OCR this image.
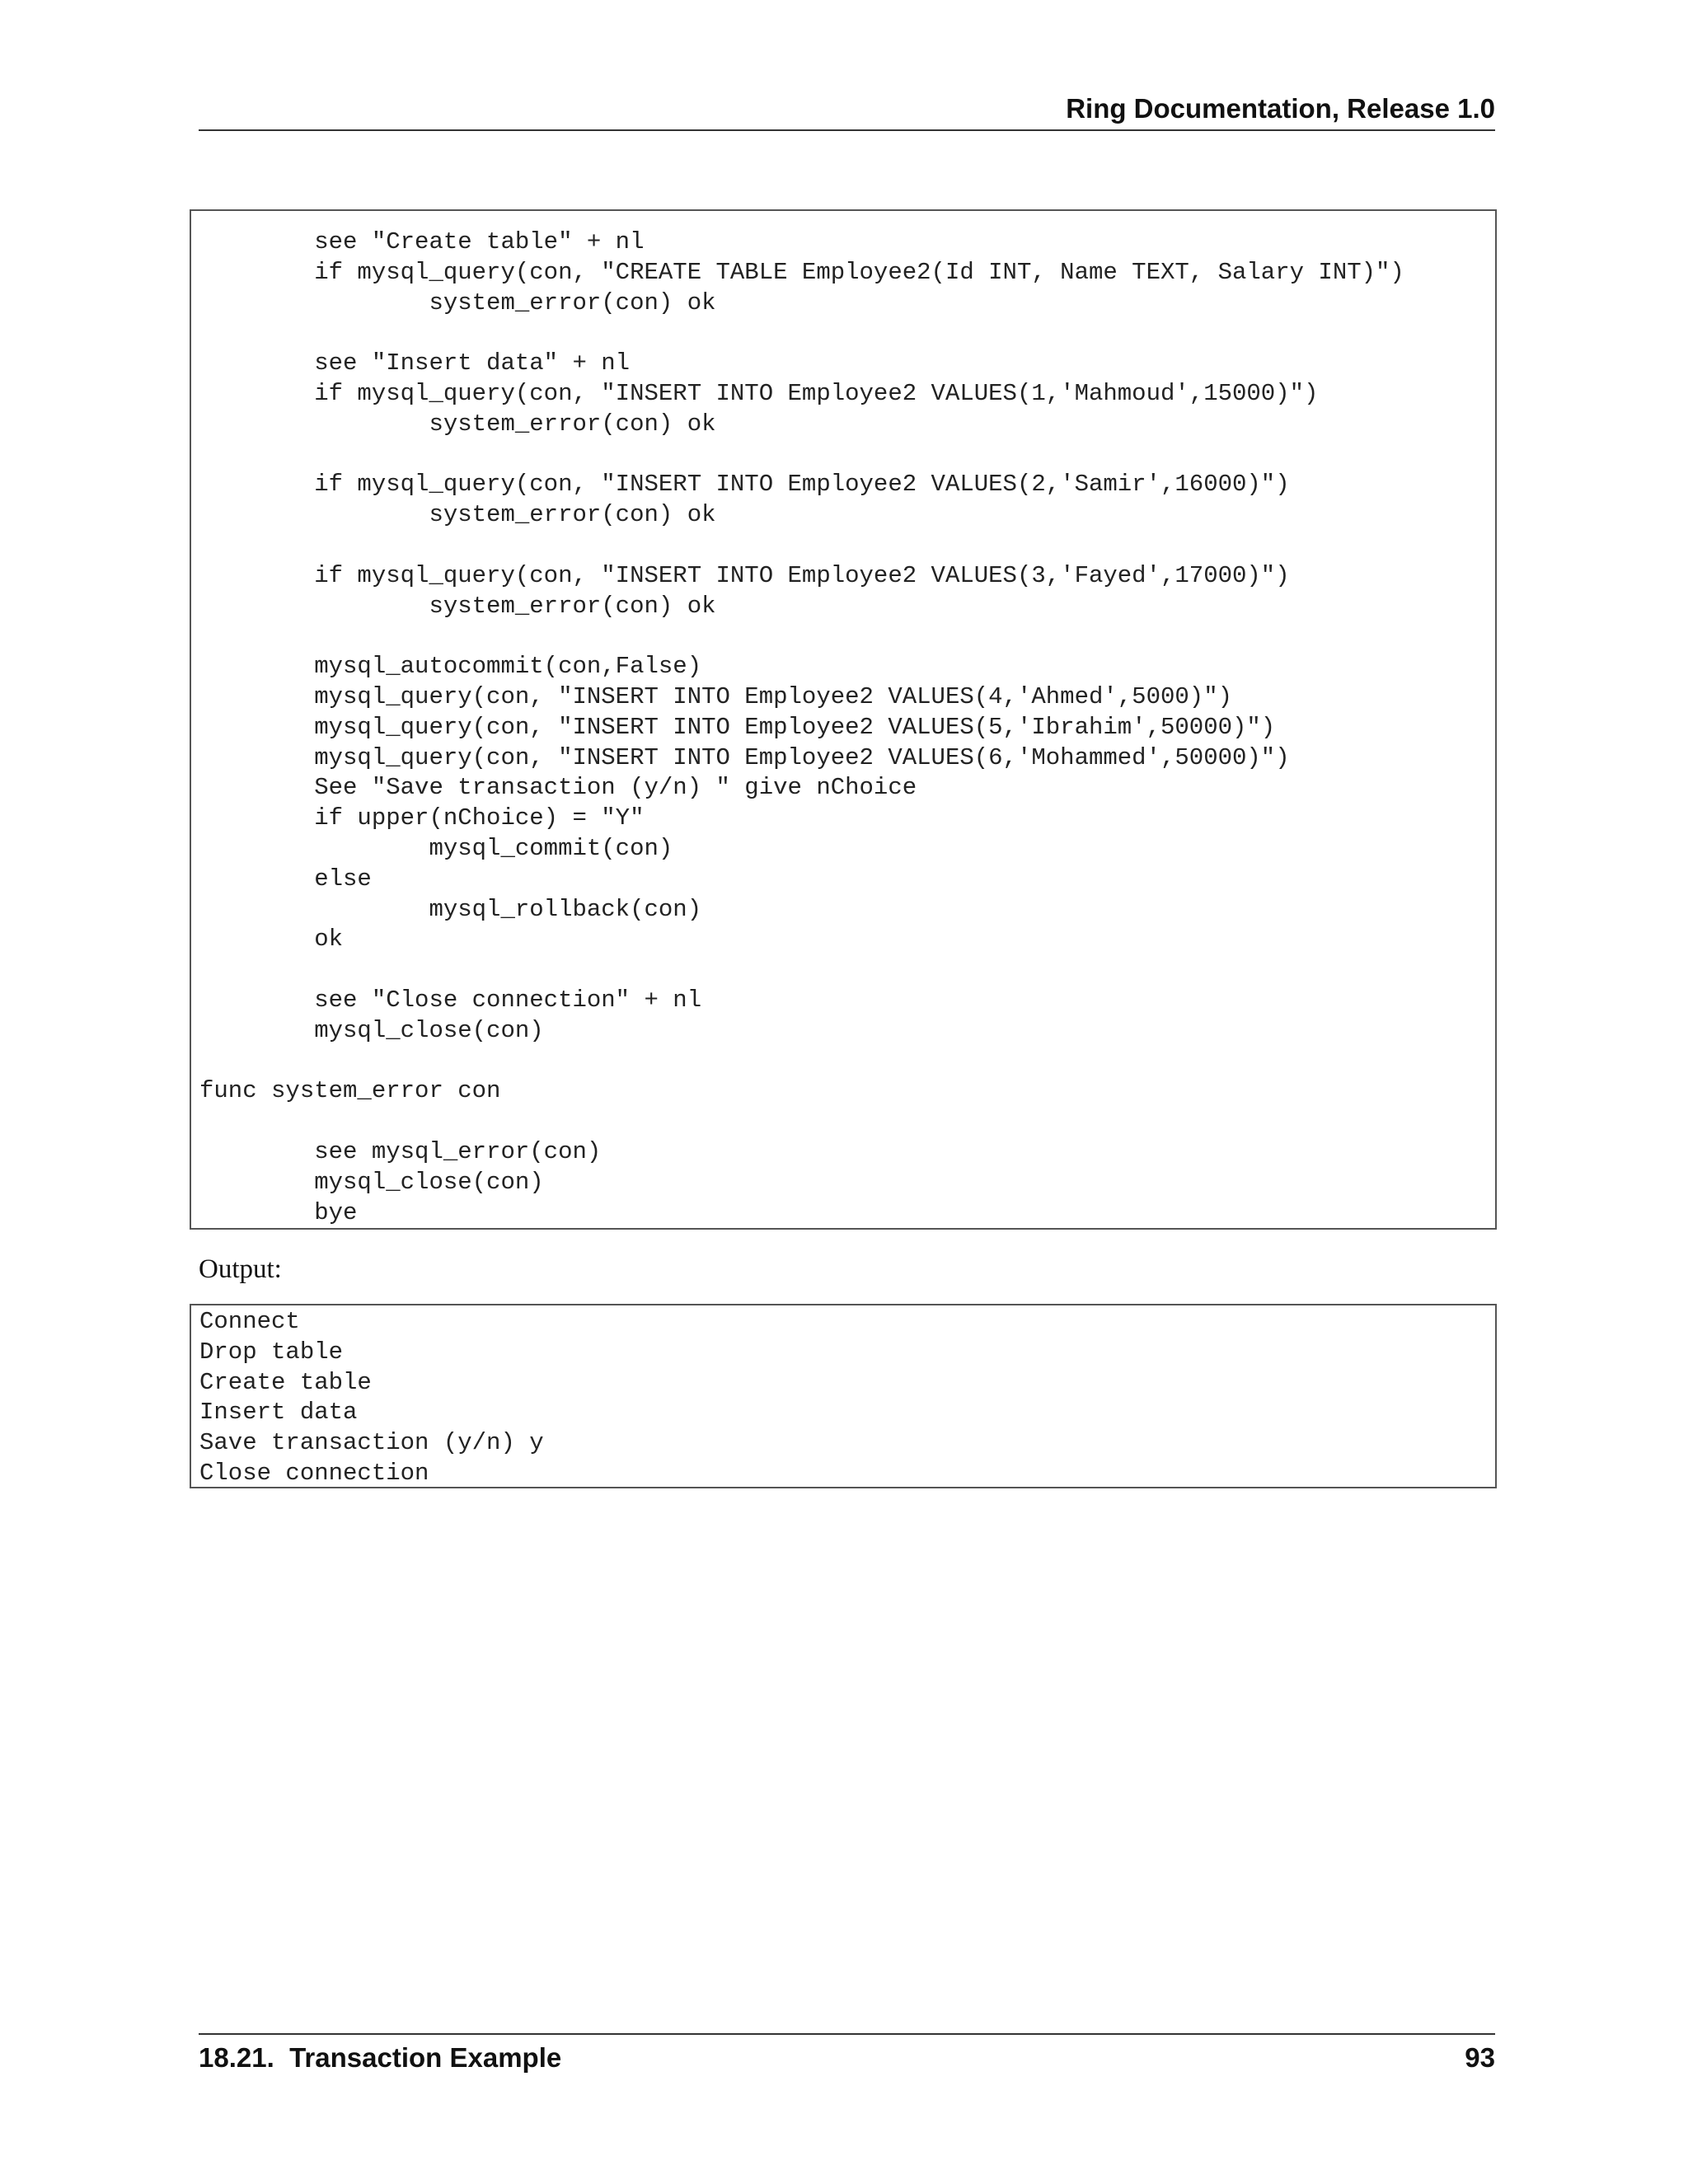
Ring Documentation, Release 1.0
see "Create table" + nl
if mysql_query(con, "CREATE TABLE Employee2(Id INT, Name TEXT, Salary INT)")
system_error(con) ok
see "Insert data" + nl
if mysql_query(con, "INSERT INTO Employee2 VALUES(1,'Mahmoud',15000)")
system_error(con) ok
if mysql_query(con, "INSERT INTO Employee2 VALUES(2,'Samir',16000)")
system_error(con) ok
if mysql_query(con, "INSERT INTO Employee2 VALUES(3,'Fayed',17000)")
system_error(con) ok
mysql_autocommit(con,False)
mysql_query(con, "INSERT INTO Employee2 VALUES(4,'Ahmed',5000)")
mysql_query(con, "INSERT INTO Employee2 VALUES(5,'Ibrahim',50000)")
mysql_query(con, "INSERT INTO Employee2 VALUES(6,'Mohammed',50000)")
See "Save transaction (y/n) " give nChoice
if upper(nChoice) = "Y"
mysql_commit(con)
else
mysql_rollback(con)
ok
see "Close connection" + nl
mysql_close(con)
func system_error con
see mysql_error(con)
mysql_close(con)
bye
Output:
Connect
Drop table
Create table
Insert data
Save transaction (y/n) y
Close connection
18.21.  Transaction Example	93
